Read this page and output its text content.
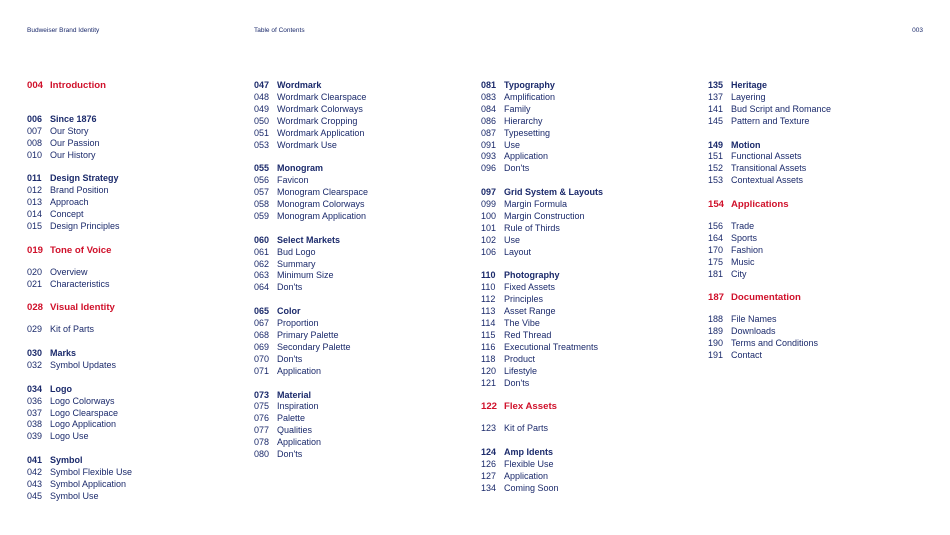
Budweiser Brand Identity	Table of Contents	003
004 Introduction
006 Since 1876
007 Our Story
008 Our Passion
010 Our History
011 Design Strategy
012 Brand Position
013 Approach
014 Concept
015 Design Principles
019 Tone of Voice
020 Overview
021 Characteristics
028 Visual Identity
029 Kit of Parts
030 Marks
032 Symbol Updates
034 Logo
036 Logo Colorways
037 Logo Clearspace
038 Logo Application
039 Logo Use
041 Symbol
042 Symbol Flexible Use
043 Symbol Application
045 Symbol Use
047 Wordmark
048 Wordmark Clearspace
049 Wordmark Colorways
050 Wordmark Cropping
051 Wordmark Application
053 Wordmark Use
055 Monogram
056 Favicon
057 Monogram Clearspace
058 Monogram Colorways
059 Monogram Application
060 Select Markets
061 Bud Logo
062 Summary
063 Minimum Size
064 Don'ts
065 Color
067 Proportion
068 Primary Palette
069 Secondary Palette
070 Don'ts
071 Application
073 Material
075 Inspiration
076 Palette
077 Qualities
078 Application
080 Don'ts
081 Typography
083 Amplification
084 Family
086 Hierarchy
087 Typesetting
091 Use
093 Application
096 Don'ts
097 Grid System & Layouts
099 Margin Formula
100 Margin Construction
101 Rule of Thirds
102 Use
106 Layout
110 Photography
110 Fixed Assets
112 Principles
113 Asset Range
114 The Vibe
115 Red Thread
116 Executional Treatments
118 Product
120 Lifestyle
121 Don'ts
122 Flex Assets
123 Kit of Parts
124 Amp Idents
126 Flexible Use
127 Application
134 Coming Soon
135 Heritage
137 Layering
141 Bud Script and Romance
145 Pattern and Texture
149 Motion
151 Functional Assets
152 Transitional Assets
153 Contextual Assets
154 Applications
156 Trade
164 Sports
170 Fashion
175 Music
181 City
187 Documentation
188 File Names
189 Downloads
190 Terms and Conditions
191 Contact
